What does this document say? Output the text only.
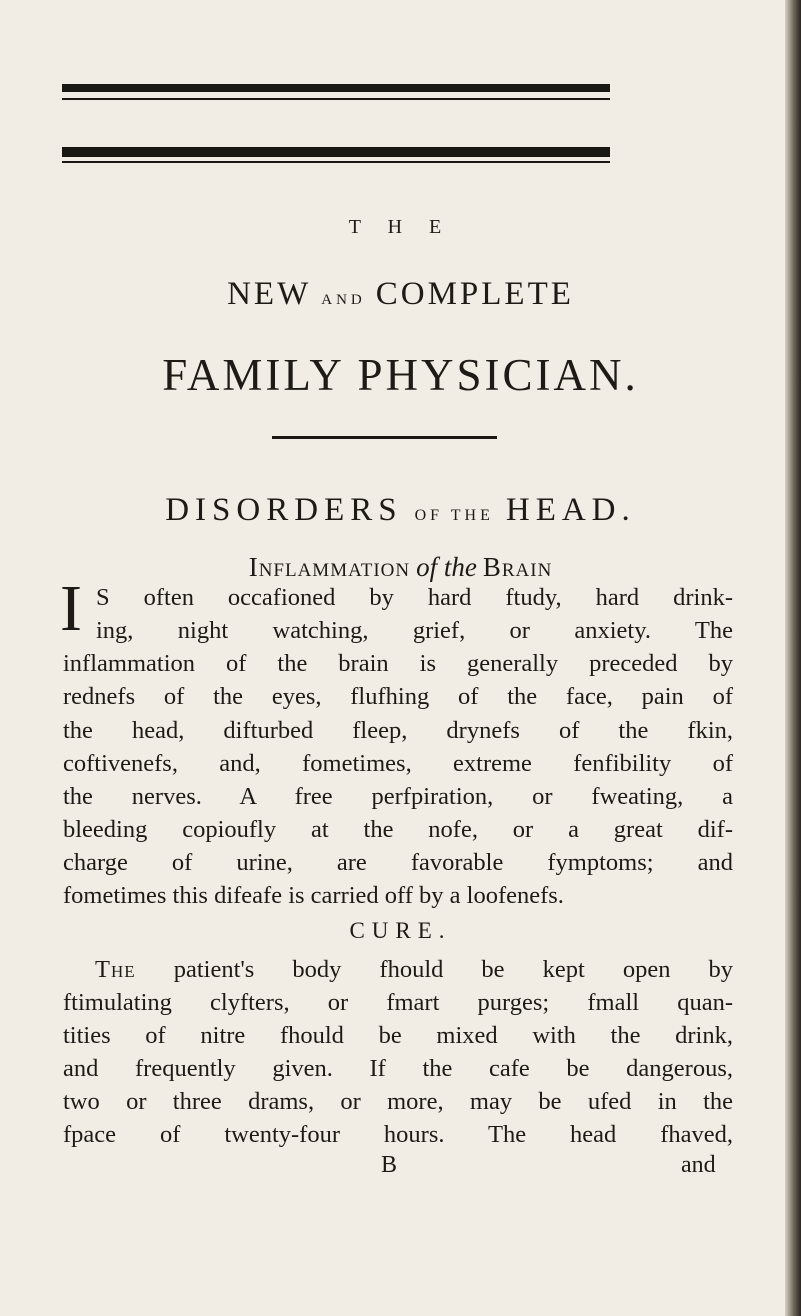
T H E
NEW AND COMPLETE
FAMILY PHYSICIAN.
DISORDERS OF THE HEAD.
Inflammation of the Brain
I S often occafioned by hard ftudy, hard drink-
ing, night watching, grief, or anxiety. The
inflammation of the brain is generally preceded by
rednefs of the eyes, flufhing of the face, pain of
the head, difturbed fleep, drynefs of the fkin,
coftivenefs, and, fometimes, extreme fenfibility of
the nerves. A free perfpiration, or fweating, a
bleeding copioufly at the nofe, or a great dif-
charge of urine, are favorable fymptoms; and
fometimes this difeafe is carried off by a loofenefs.
CURE.
The patient's body fhould be kept open by
ftimulating clyfters, or fmart purges; fmall quan-
tities of nitre fhould be mixed with the drink,
and frequently given. If the cafe be dangerous,
two or three drams, or more, may be ufed in the
fpace of twenty-four hours. The head fhaved,
B	and
